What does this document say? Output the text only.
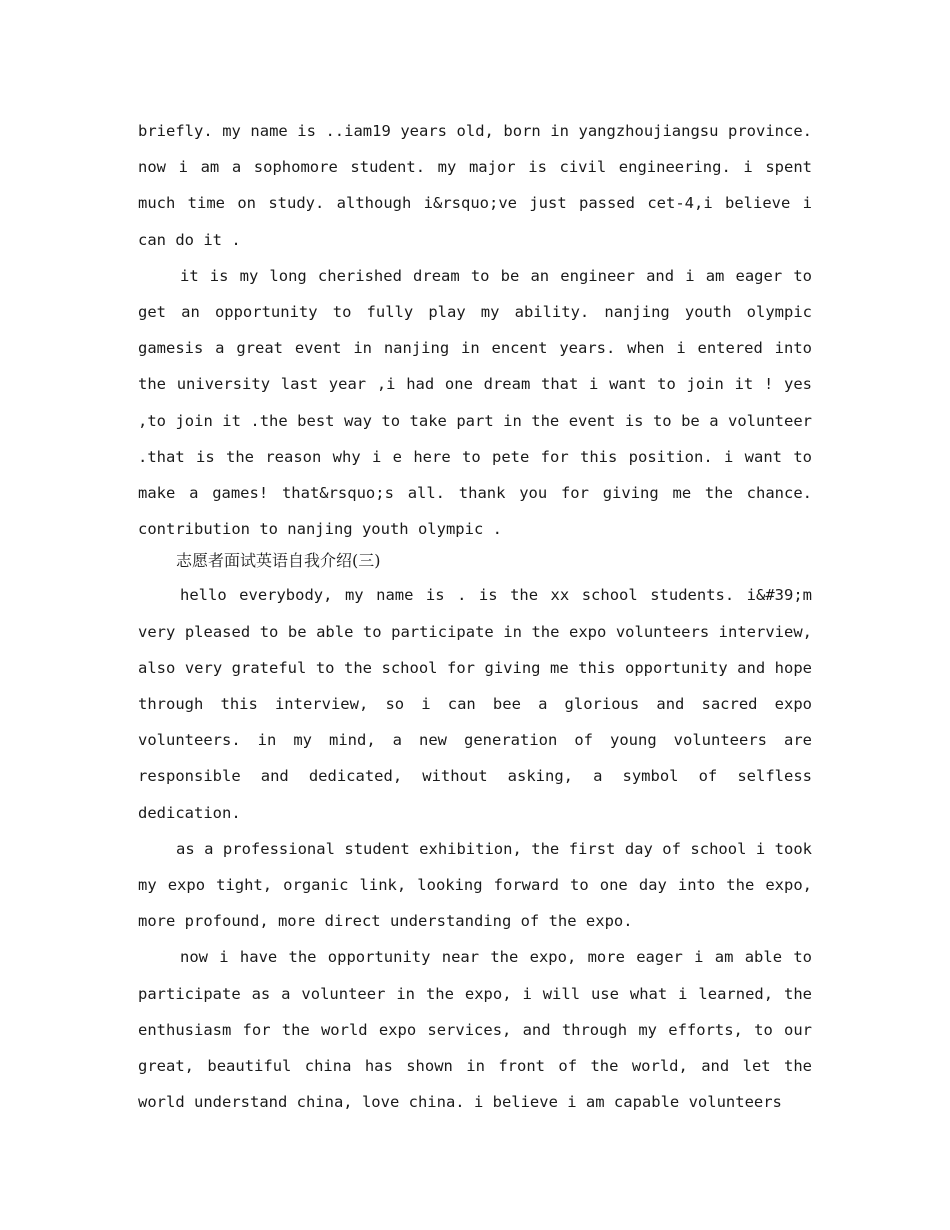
briefly. my name is ..iam19 years old, born in yangzhoujiangsu province. now i am a sophomore student. my major is civil engineering. i spent much time on study. although i&rsquo;ve just passed cet-4,i believe i can do it .

it is my long cherished dream to be an engineer and i am eager to get an opportunity to fully play my ability. nanjing youth olympic gamesis a great event in nanjing in encent years. when i entered into the university last year ,i had one dream that i want to join it ! yes ,to join it .the best way to take part in the event is to be a volunteer .that is the reason why i e here to pete for this position. i want to make a games! that&rsquo;s all. thank you for giving me the chance. contribution to nanjing youth olympic .

志愿者面试英语自我介绍(三)

hello everybody, my name is . is the xx school students. i&#39;m very pleased to be able to participate in the expo volunteers interview, also very grateful to the school for giving me this opportunity and hope through this interview, so i can bee a glorious and sacred expo volunteers. in my mind, a new generation of young volunteers are responsible and dedicated, without asking, a symbol of selfless dedication.

as a professional student exhibition, the first day of school i took my expo tight, organic link, looking forward to one day into the expo, more profound, more direct understanding of the expo.

now i have the opportunity near the expo, more eager i am able to participate as a volunteer in the expo, i will use what i learned, the enthusiasm for the world expo services, and through my efforts, to our great, beautiful china has shown in front of the world, and let the world understand china, love china. i believe i am capable volunteers
